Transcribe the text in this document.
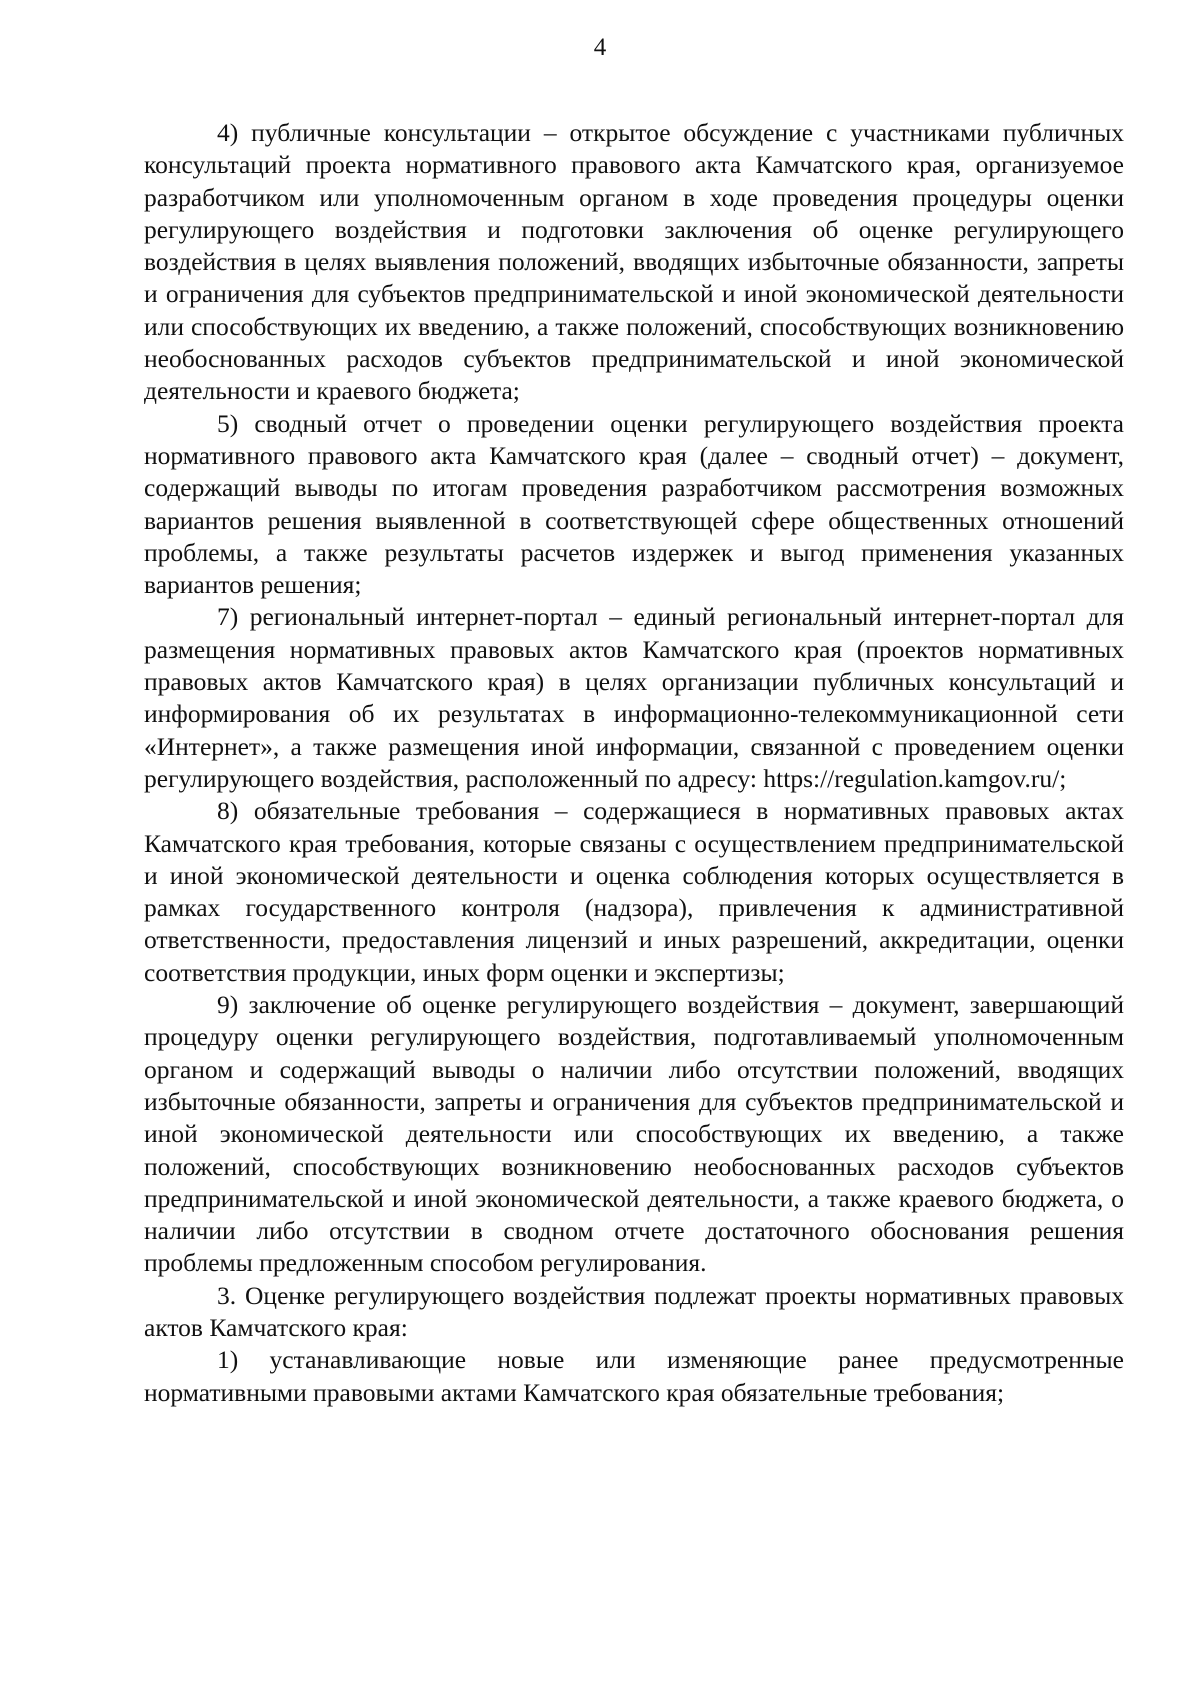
4

4) публичные консультации – открытое обсуждение с участниками публичных консультаций проекта нормативного правового акта Камчатского края, организуемое разработчиком или уполномоченным органом в ходе проведения процедуры оценки регулирующего воздействия и подготовки заключения об оценке регулирующего воздействия в целях выявления положений, вводящих избыточные обязанности, запреты и ограничения для субъектов предпринимательской и иной экономической деятельности или способствующих их введению, а также положений, способствующих возникновению необоснованных расходов субъектов предпринимательской и иной экономической деятельности и краевого бюджета;

5) сводный отчет о проведении оценки регулирующего воздействия проекта нормативного правового акта Камчатского края (далее – сводный отчет) – документ, содержащий выводы по итогам проведения разработчиком рассмотрения возможных вариантов решения выявленной в соответствующей сфере общественных отношений проблемы, а также результаты расчетов издержек и выгод применения указанных вариантов решения;

7) региональный интернет-портал – единый региональный интернет-портал для размещения нормативных правовых актов Камчатского края (проектов нормативных правовых актов Камчатского края) в целях организации публичных консультаций и информирования об их результатах в информационно-телекоммуникационной сети «Интернет», а также размещения иной информации, связанной с проведением оценки регулирующего воздействия, расположенный по адресу: https://regulation.kamgov.ru/;

8) обязательные требования – содержащиеся в нормативных правовых актах Камчатского края требования, которые связаны с осуществлением предпринимательской и иной экономической деятельности и оценка соблюдения которых осуществляется в рамках государственного контроля (надзора), привлечения к административной ответственности, предоставления лицензий и иных разрешений, аккредитации, оценки соответствия продукции, иных форм оценки и экспертизы;

9) заключение об оценке регулирующего воздействия – документ, завершающий процедуру оценки регулирующего воздействия, подготавливаемый уполномоченным органом и содержащий выводы о наличии либо отсутствии положений, вводящих избыточные обязанности, запреты и ограничения для субъектов предпринимательской и иной экономической деятельности или способствующих их введению, а также положений, способствующих возникновению необоснованных расходов субъектов предпринимательской и иной экономической деятельности, а также краевого бюджета, о наличии либо отсутствии в сводном отчете достаточного обоснования решения проблемы предложенным способом регулирования.

3. Оценке регулирующего воздействия подлежат проекты нормативных правовых актов Камчатского края:

1) устанавливающие новые или изменяющие ранее предусмотренные нормативными правовыми актами Камчатского края обязательные требования;
